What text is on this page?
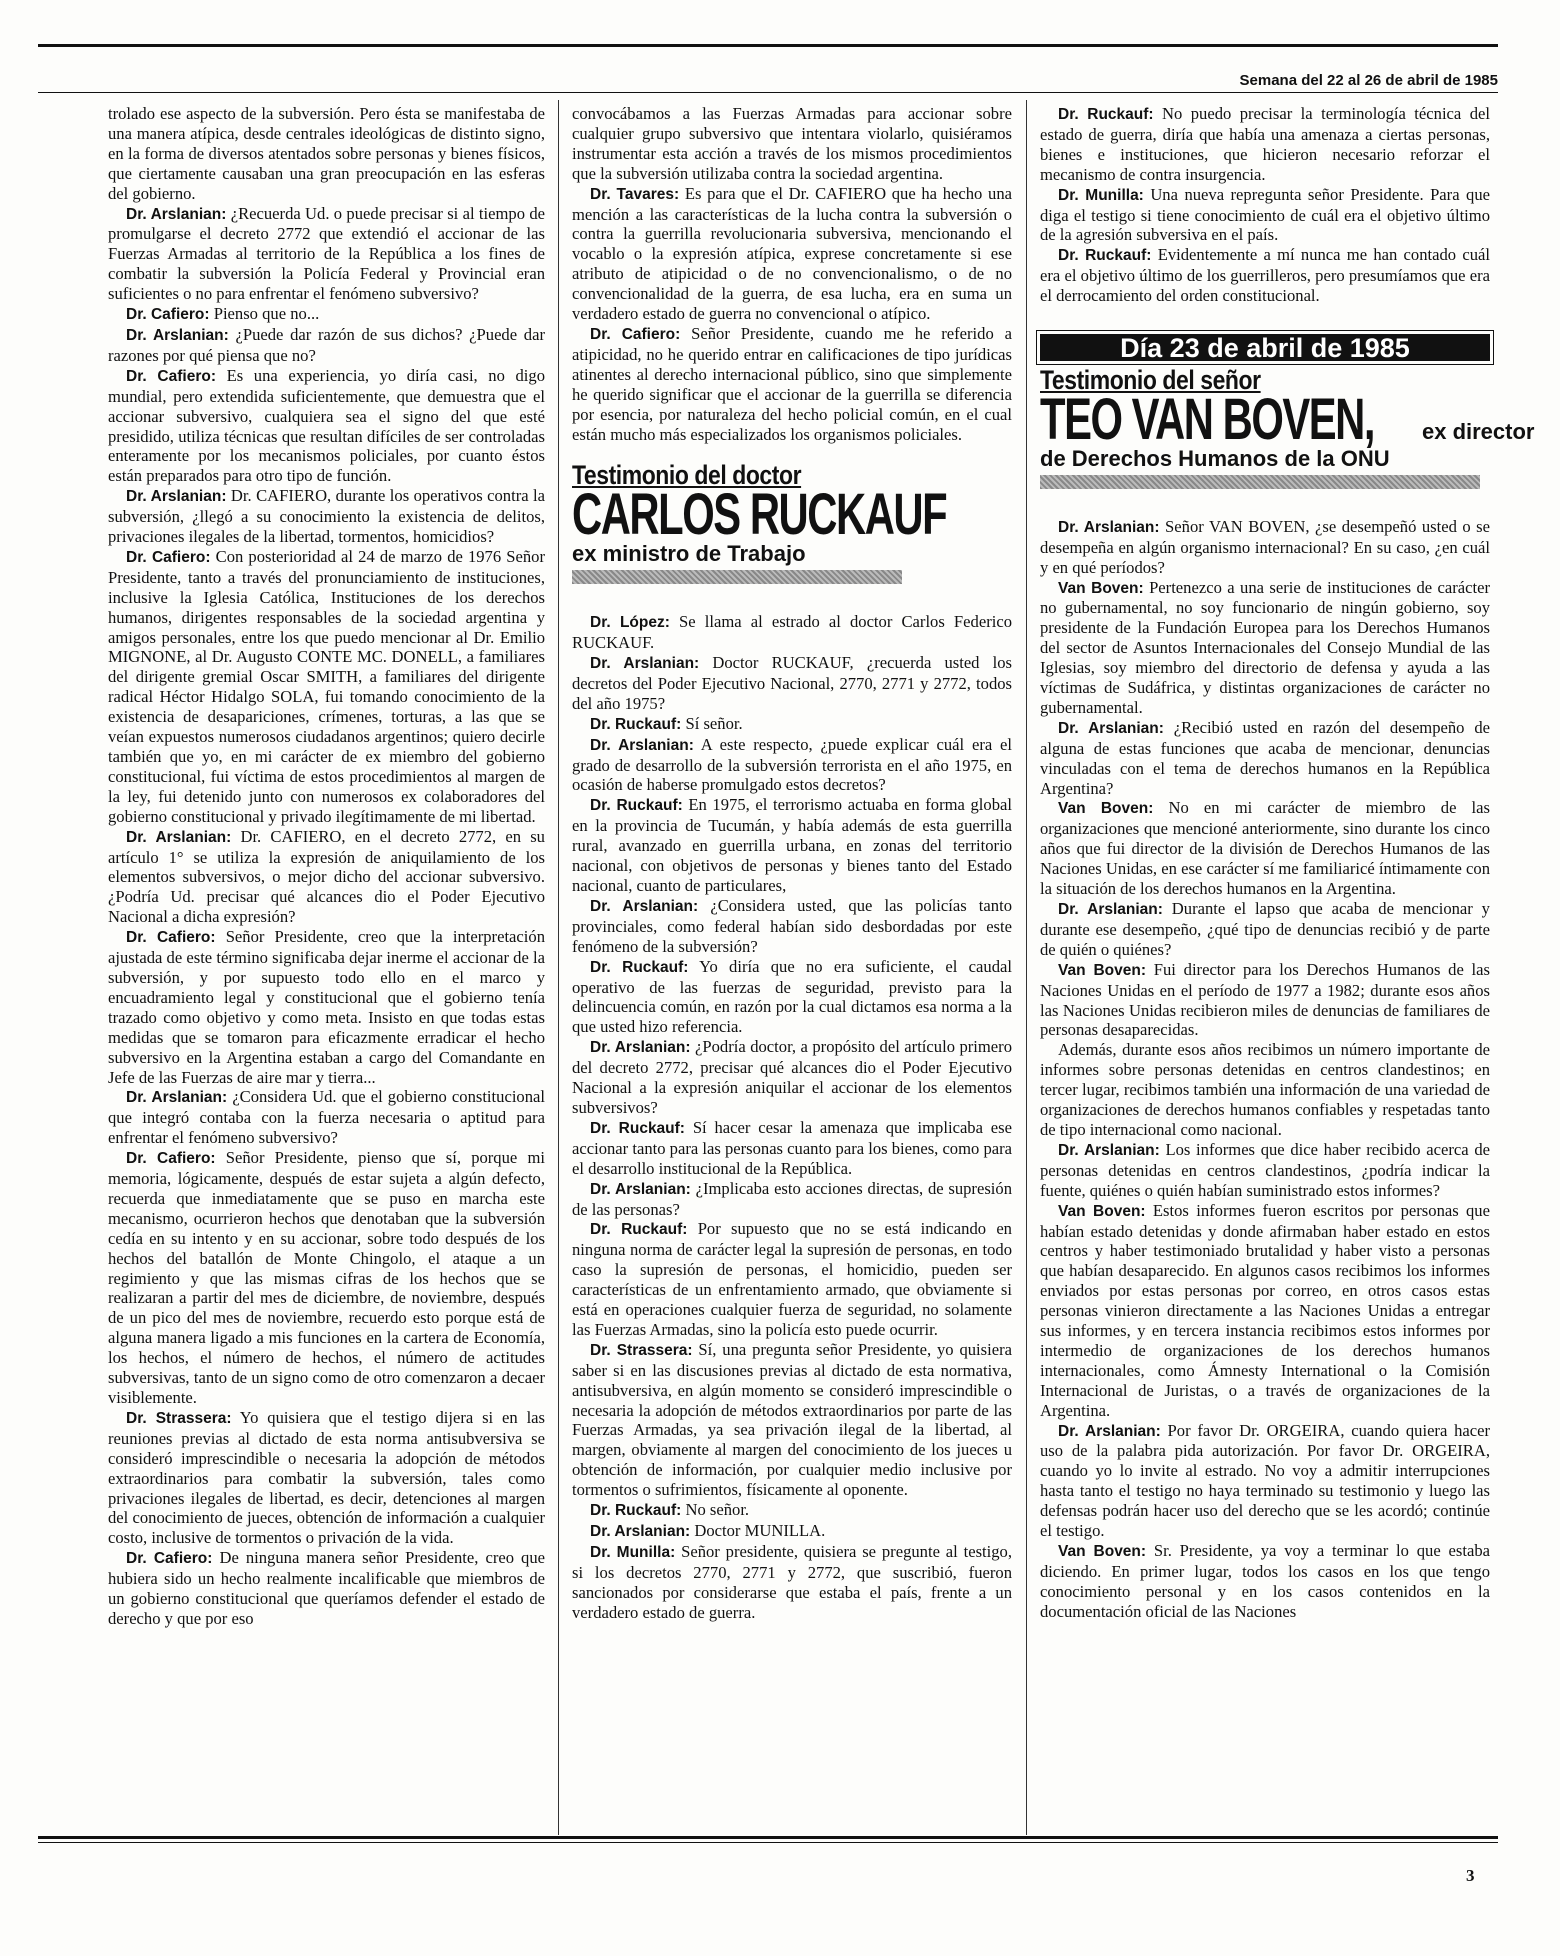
Semana del 22 al 26 de abril de 1985

trolado ese aspecto de la subversión. Pero ésta se manifestaba de una manera atípica, desde centrales ideológicas de distinto signo, en la forma de diversos atentados sobre personas y bienes físicos, que ciertamente causaban una gran preocupación en las esferas del gobierno.

Dr. Arslanian: ¿Recuerda Ud. o puede precisar si al tiempo de promulgarse el decreto 2772 que extendió el accionar de las Fuerzas Armadas al territorio de la República a los fines de combatir la subversión la Policía Federal y Provincial eran suficientes o no para enfrentar el fenómeno subversivo?

Dr. Cafiero: Pienso que no...

Dr. Arslanian: ¿Puede dar razón de sus dichos? ¿Puede dar razones por qué piensa que no?

Dr. Cafiero: Es una experiencia, yo diría casi, no digo mundial, pero extendida suficientemente, que demuestra que el accionar subversivo, cualquiera sea el signo del que esté presidido, utiliza técnicas que resultan difíciles de ser controladas enteramente por los mecanismos policiales, por cuanto éstos están preparados para otro tipo de función.

Dr. Arslanian: Dr. CAFIERO, durante los operativos contra la subversión, ¿llegó a su conocimiento la existencia de delitos, privaciones ilegales de la libertad, tormentos, homicidios?

Dr. Cafiero: Con posterioridad al 24 de marzo de 1976 Señor Presidente, tanto a través del pronunciamiento de instituciones, inclusive la Iglesia Católica, Instituciones de los derechos humanos, dirigentes responsables de la sociedad argentina y amigos personales, entre los que puedo mencionar al Dr. Emilio MIGNONE, al Dr. Augusto CONTE MC. DONELL, a familiares del dirigente gremial Oscar SMITH, a familiares del dirigente radical Héctor Hidalgo SOLA, fui tomando conocimiento de la existencia de desapariciones, crímenes, torturas, a las que se veían expuestos numerosos ciudadanos argentinos; quiero decirle también que yo, en mi carácter de ex miembro del gobierno constitucional, fui víctima de estos procedimientos al margen de la ley, fui detenido junto con numerosos ex colaboradores del gobierno constitucional y privado ilegítimamente de mi libertad.

Dr. Arslanian: Dr. CAFIERO, en el decreto 2772, en su artículo 1° se utiliza la expresión de aniquilamiento de los elementos subversivos, o mejor dicho del accionar subversivo. ¿Podría Ud. precisar qué alcances dio el Poder Ejecutivo Nacional a dicha expresión?

Dr. Cafiero: Señor Presidente, creo que la interpretación ajustada de este término significaba dejar inerme el accionar de la subversión, y por supuesto todo ello en el marco y encuadramiento legal y constitucional que el gobierno tenía trazado como objetivo y como meta. Insisto en que todas estas medidas que se tomaron para eficazmente erradicar el hecho subversivo en la Argentina estaban a cargo del Comandante en Jefe de las Fuerzas de aire mar y tierra...

Dr. Arslanian: ¿Considera Ud. que el gobierno constitucional que integró contaba con la fuerza necesaria o aptitud para enfrentar el fenómeno subversivo?

Dr. Cafiero: Señor Presidente, pienso que sí, porque mi memoria, lógicamente, después de estar sujeta a algún defecto, recuerda que inmediatamente que se puso en marcha este mecanismo, ocurrieron hechos que denotaban que la subversión cedía en su intento y en su accionar, sobre todo después de los hechos del batallón de Monte Chingolo, el ataque a un regimiento y que las mismas cifras de los hechos que se realizaran a partir del mes de diciembre, de noviembre, después de un pico del mes de noviembre, recuerdo esto porque está de alguna manera ligado a mis funciones en la cartera de Economía, los hechos, el número de hechos, el número de actitudes subversivas, tanto de un signo como de otro comenzaron a decaer visiblemente.

Dr. Strassera: Yo quisiera que el testigo dijera si en las reuniones previas al dictado de esta norma antisubversiva se consideró imprescindible o necesaria la adopción de métodos extraordinarios para combatir la subversión, tales como privaciones ilegales de libertad, es decir, detenciones al margen del conocimiento de jueces, obtención de información a cualquier costo, inclusive de tormentos o privación de la vida.

Dr. Cafiero: De ninguna manera señor Presidente, creo que hubiera sido un hecho realmente incalificable que miembros de un gobierno constitucional que queríamos defender el estado de derecho y que por eso

convocábamos a las Fuerzas Armadas para accionar sobre cualquier grupo subversivo que intentara violarlo, quisiéramos instrumentar esta acción a través de los mismos procedimientos que la subversión utilizaba contra la sociedad argentina.

Dr. Tavares: Es para que el Dr. CAFIERO que ha hecho una mención a las características de la lucha contra la subversión o contra la guerrilla revolucionaria subversiva, mencionando el vocablo o la expresión atípica, exprese concretamente si ese atributo de atipicidad o de no convencionalismo, o de no convencionalidad de la guerra, de esa lucha, era en suma un verdadero estado de guerra no convencional o atípico.

Dr. Cafiero: Señor Presidente, cuando me he referido a atipicidad, no he querido entrar en calificaciones de tipo jurídicas atinentes al derecho internacional público, sino que simplemente he querido significar que el accionar de la guerrilla se diferencia por esencia, por naturaleza del hecho policial común, en el cual están mucho más especializados los organismos policiales.

Testimonio del doctor
CARLOS RUCKAUF
ex ministro de Trabajo

Dr. López: Se llama al estrado al doctor Carlos Federico RUCKAUF.

Dr. Arslanian: Doctor RUCKAUF, ¿recuerda usted los decretos del Poder Ejecutivo Nacional, 2770, 2771 y 2772, todos del año 1975?

Dr. Ruckauf: Sí señor.

Dr. Arslanian: A este respecto, ¿puede explicar cuál era el grado de desarrollo de la subversión terrorista en el año 1975, en ocasión de haberse promulgado estos decretos?

Dr. Ruckauf: En 1975, el terrorismo actuaba en forma global en la provincia de Tucumán, y había además de esta guerrilla rural, avanzado en guerrilla urbana, en zonas del territorio nacional, con objetivos de personas y bienes tanto del Estado nacional, cuanto de particulares,

Dr. Arslanian: ¿Considera usted, que las policías tanto provinciales, como federal habían sido desbordadas por este fenómeno de la subversión?

Dr. Ruckauf: Yo diría que no era suficiente, el caudal operativo de las fuerzas de seguridad, previsto para la delincuencia común, en razón por la cual dictamos esa norma a la que usted hizo referencia.

Dr. Arslanian: ¿Podría doctor, a propósito del artículo primero del decreto 2772, precisar qué alcances dio el Poder Ejecutivo Nacional a la expresión aniquilar el accionar de los elementos subversivos?

Dr. Ruckauf: Sí hacer cesar la amenaza que implicaba ese accionar tanto para las personas cuanto para los bienes, como para el desarrollo institucional de la República.

Dr. Arslanian: ¿Implicaba esto acciones directas, de supresión de las personas?

Dr. Ruckauf: Por supuesto que no se está indicando en ninguna norma de carácter legal la supresión de personas, en todo caso la supresión de personas, el homicidio, pueden ser características de un enfrentamiento armado, que obviamente si está en operaciones cualquier fuerza de seguridad, no solamente las Fuerzas Armadas, sino la policía esto puede ocurrir.

Dr. Strassera: Sí, una pregunta señor Presidente, yo quisiera saber si en las discusiones previas al dictado de esta normativa, antisubversiva, en algún momento se consideró imprescindible o necesaria la adopción de métodos extraordinarios por parte de las Fuerzas Armadas, ya sea privación ilegal de la libertad, al margen, obviamente al margen del conocimiento de los jueces u obtención de información, por cualquier medio inclusive por tormentos o sufrimientos, físicamente al oponente.

Dr. Ruckauf: No señor.

Dr. Arslanian: Doctor MUNILLA.

Dr. Munilla: Señor presidente, quisiera se pregunte al testigo, si los decretos 2770, 2771 y 2772, que suscribió, fueron sancionados por considerarse que estaba el país, frente a un verdadero estado de guerra.

Dr. Ruckauf: No puedo precisar la terminología técnica del estado de guerra, diría que había una amenaza a ciertas personas, bienes e instituciones, que hicieron necesario reforzar el mecanismo de contra insurgencia.

Dr. Munilla: Una nueva repregunta señor Presidente. Para que diga el testigo si tiene conocimiento de cuál era el objetivo último de la agresión subversiva en el país.

Dr. Ruckauf: Evidentemente a mí nunca me han contado cuál era el objetivo último de los guerrilleros, pero presumíamos que era el derrocamiento del orden constitucional.

Día 23 de abril de 1985
Testimonio del señor
TEO VAN BOVEN, ex director
de Derechos Humanos de la ONU

Dr. Arslanian: Señor VAN BOVEN, ¿se desempeñó usted o se desempeña en algún organismo internacional? En su caso, ¿en cuál y en qué períodos?

Van Boven: Pertenezco a una serie de instituciones de carácter no gubernamental, no soy funcionario de ningún gobierno, soy presidente de la Fundación Europea para los Derechos Humanos del sector de Asuntos Internacionales del Consejo Mundial de las Iglesias, soy miembro del directorio de defensa y ayuda a las víctimas de Sudáfrica, y distintas organizaciones de carácter no gubernamental.

Dr. Arslanian: ¿Recibió usted en razón del desempeño de alguna de estas funciones que acaba de mencionar, denuncias vinculadas con el tema de derechos humanos en la República Argentina?

Van Boven: No en mi carácter de miembro de las organizaciones que mencioné anteriormente, sino durante los cinco años que fui director de la división de Derechos Humanos de las Naciones Unidas, en ese carácter sí me familiaricé íntimamente con la situación de los derechos humanos en la Argentina.

Dr. Arslanian: Durante el lapso que acaba de mencionar y durante ese desempeño, ¿qué tipo de denuncias recibió y de parte de quién o quiénes?

Van Boven: Fui director para los Derechos Humanos de las Naciones Unidas en el período de 1977 a 1982; durante esos años las Naciones Unidas recibieron miles de denuncias de familiares de personas desaparecidas.

Además, durante esos años recibimos un número importante de informes sobre personas detenidas en centros clandestinos; en tercer lugar, recibimos también una información de una variedad de organizaciones de derechos humanos confiables y respetadas tanto de tipo internacional como nacional.

Dr. Arslanian: Los informes que dice haber recibido acerca de personas detenidas en centros clandestinos, ¿podría indicar la fuente, quiénes o quién habían suministrado estos informes?

Van Boven: Estos informes fueron escritos por personas que habían estado detenidas y donde afirmaban haber estado en estos centros y haber testimoniado brutalidad y haber visto a personas que habían desaparecido. En algunos casos recibimos los informes enviados por estas personas por correo, en otros casos estas personas vinieron directamente a las Naciones Unidas a entregar sus informes, y en tercera instancia recibimos estos informes por intermedio de organizaciones de los derechos humanos internacionales, como Ámnesty International o la Comisión Internacional de Juristas, o a través de organizaciones de la Argentina.

Dr. Arslanian: Por favor Dr. ORGEIRA, cuando quiera hacer uso de la palabra pida autorización. Por favor Dr. ORGEIRA, cuando yo lo invite al estrado. No voy a admitir interrupciones hasta tanto el testigo no haya terminado su testimonio y luego las defensas podrán hacer uso del derecho que se les acordó; continúe el testigo.

Van Boven: Sr. Presidente, ya voy a terminar lo que estaba diciendo. En primer lugar, todos los casos en los que tengo conocimiento personal y en los casos contenidos en la documentación oficial de las Naciones

3
